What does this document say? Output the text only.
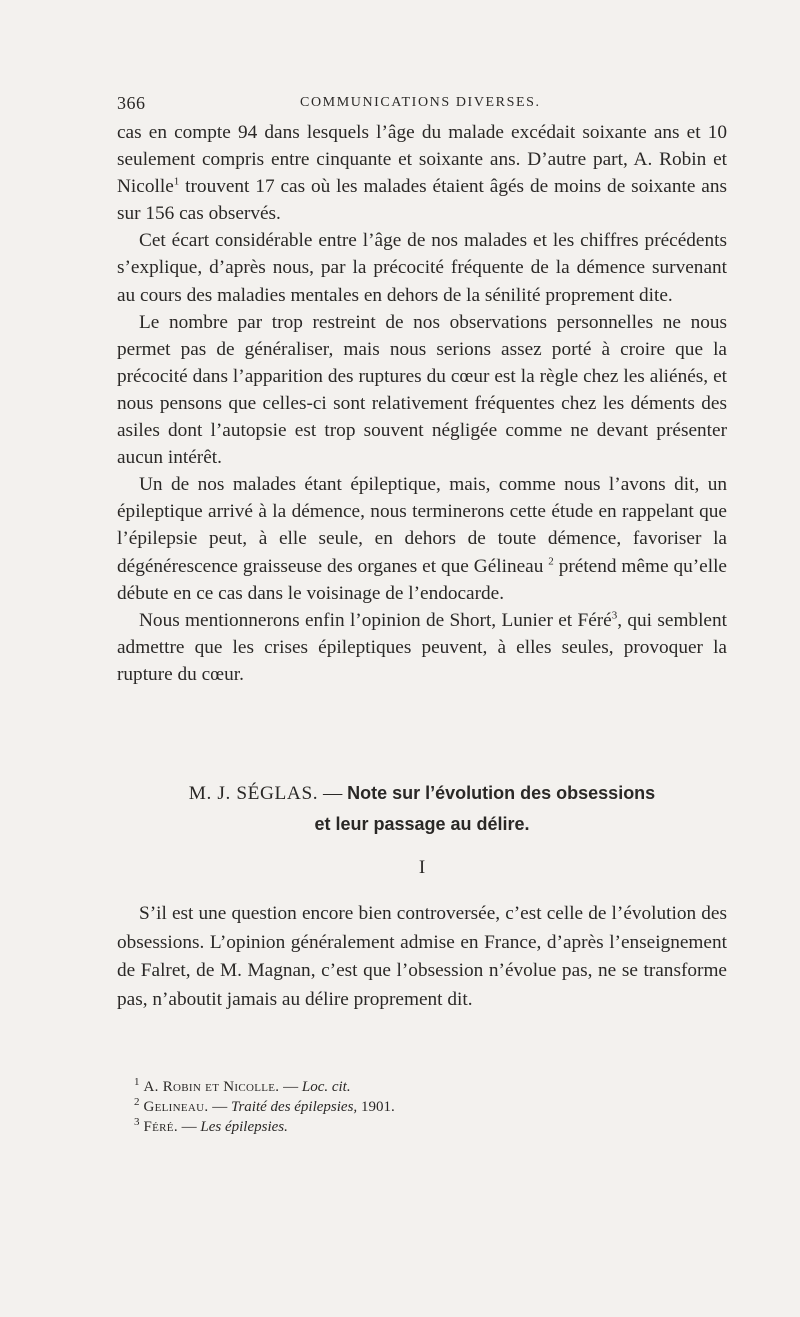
366	COMMUNICATIONS DIVERSES.

cas en compte 94 dans lesquels l’âge du malade excédait soixante ans et 10 seulement compris entre cinquante et soixante ans. D’autre part, A. Robin et Nicolle$^1$ trouvent 17 cas où les malades étaient âgés de moins de soixante ans sur 156 cas observés.

Cet écart considérable entre l’âge de nos malades et les chiffres précédents s’explique, d’après nous, par la précocité fréquente de la démence survenant au cours des maladies mentales en dehors de la sénilité proprement dite.

Le nombre par trop restreint de nos observations personnelles ne nous permet pas de généraliser, mais nous serions assez porté à croire que la précocité dans l’apparition des ruptures du cœur est la règle chez les aliénés, et nous pensons que celles-ci sont relativement fréquentes chez les déments des asiles dont l’autopsie est trop souvent négligée comme ne devant présenter aucun intérêt.

Un de nos malades étant épileptique, mais, comme nous l’avons dit, un épileptique arrivé à la démence, nous terminerons cette étude en rappelant que l’épilepsie peut, à elle seule, en dehors de toute démence, favoriser la dégénérescence graisseuse des organes et que Gélineau $^2$ prétend même qu’elle débute en ce cas dans le voisinage de l’endocarde.

Nous mentionnerons enfin l’opinion de Short, Lunier et Féré$^3$, qui semblent admettre que les crises épileptiques peuvent, à elles seules, provoquer la rupture du cœur.

M. J. SÉGLAS. — Note sur l’évolution des obsessions
et leur passage au délire.
I

S’il est une question encore bien controversée, c’est celle de l’évolution des obsessions. L’opinion généralement admise en France, d’après l’enseignement de Falret, de M. Magnan, c’est que l’obsession n’évolue pas, ne se transforme pas, n’aboutit jamais au délire proprement dit.

$^1$ A. Robin et Nicolle. — Loc. cit.

$^2$ Gelineau. — Traité des épilepsies, 1901.

$^3$ Féré. — Les épilepsies.
